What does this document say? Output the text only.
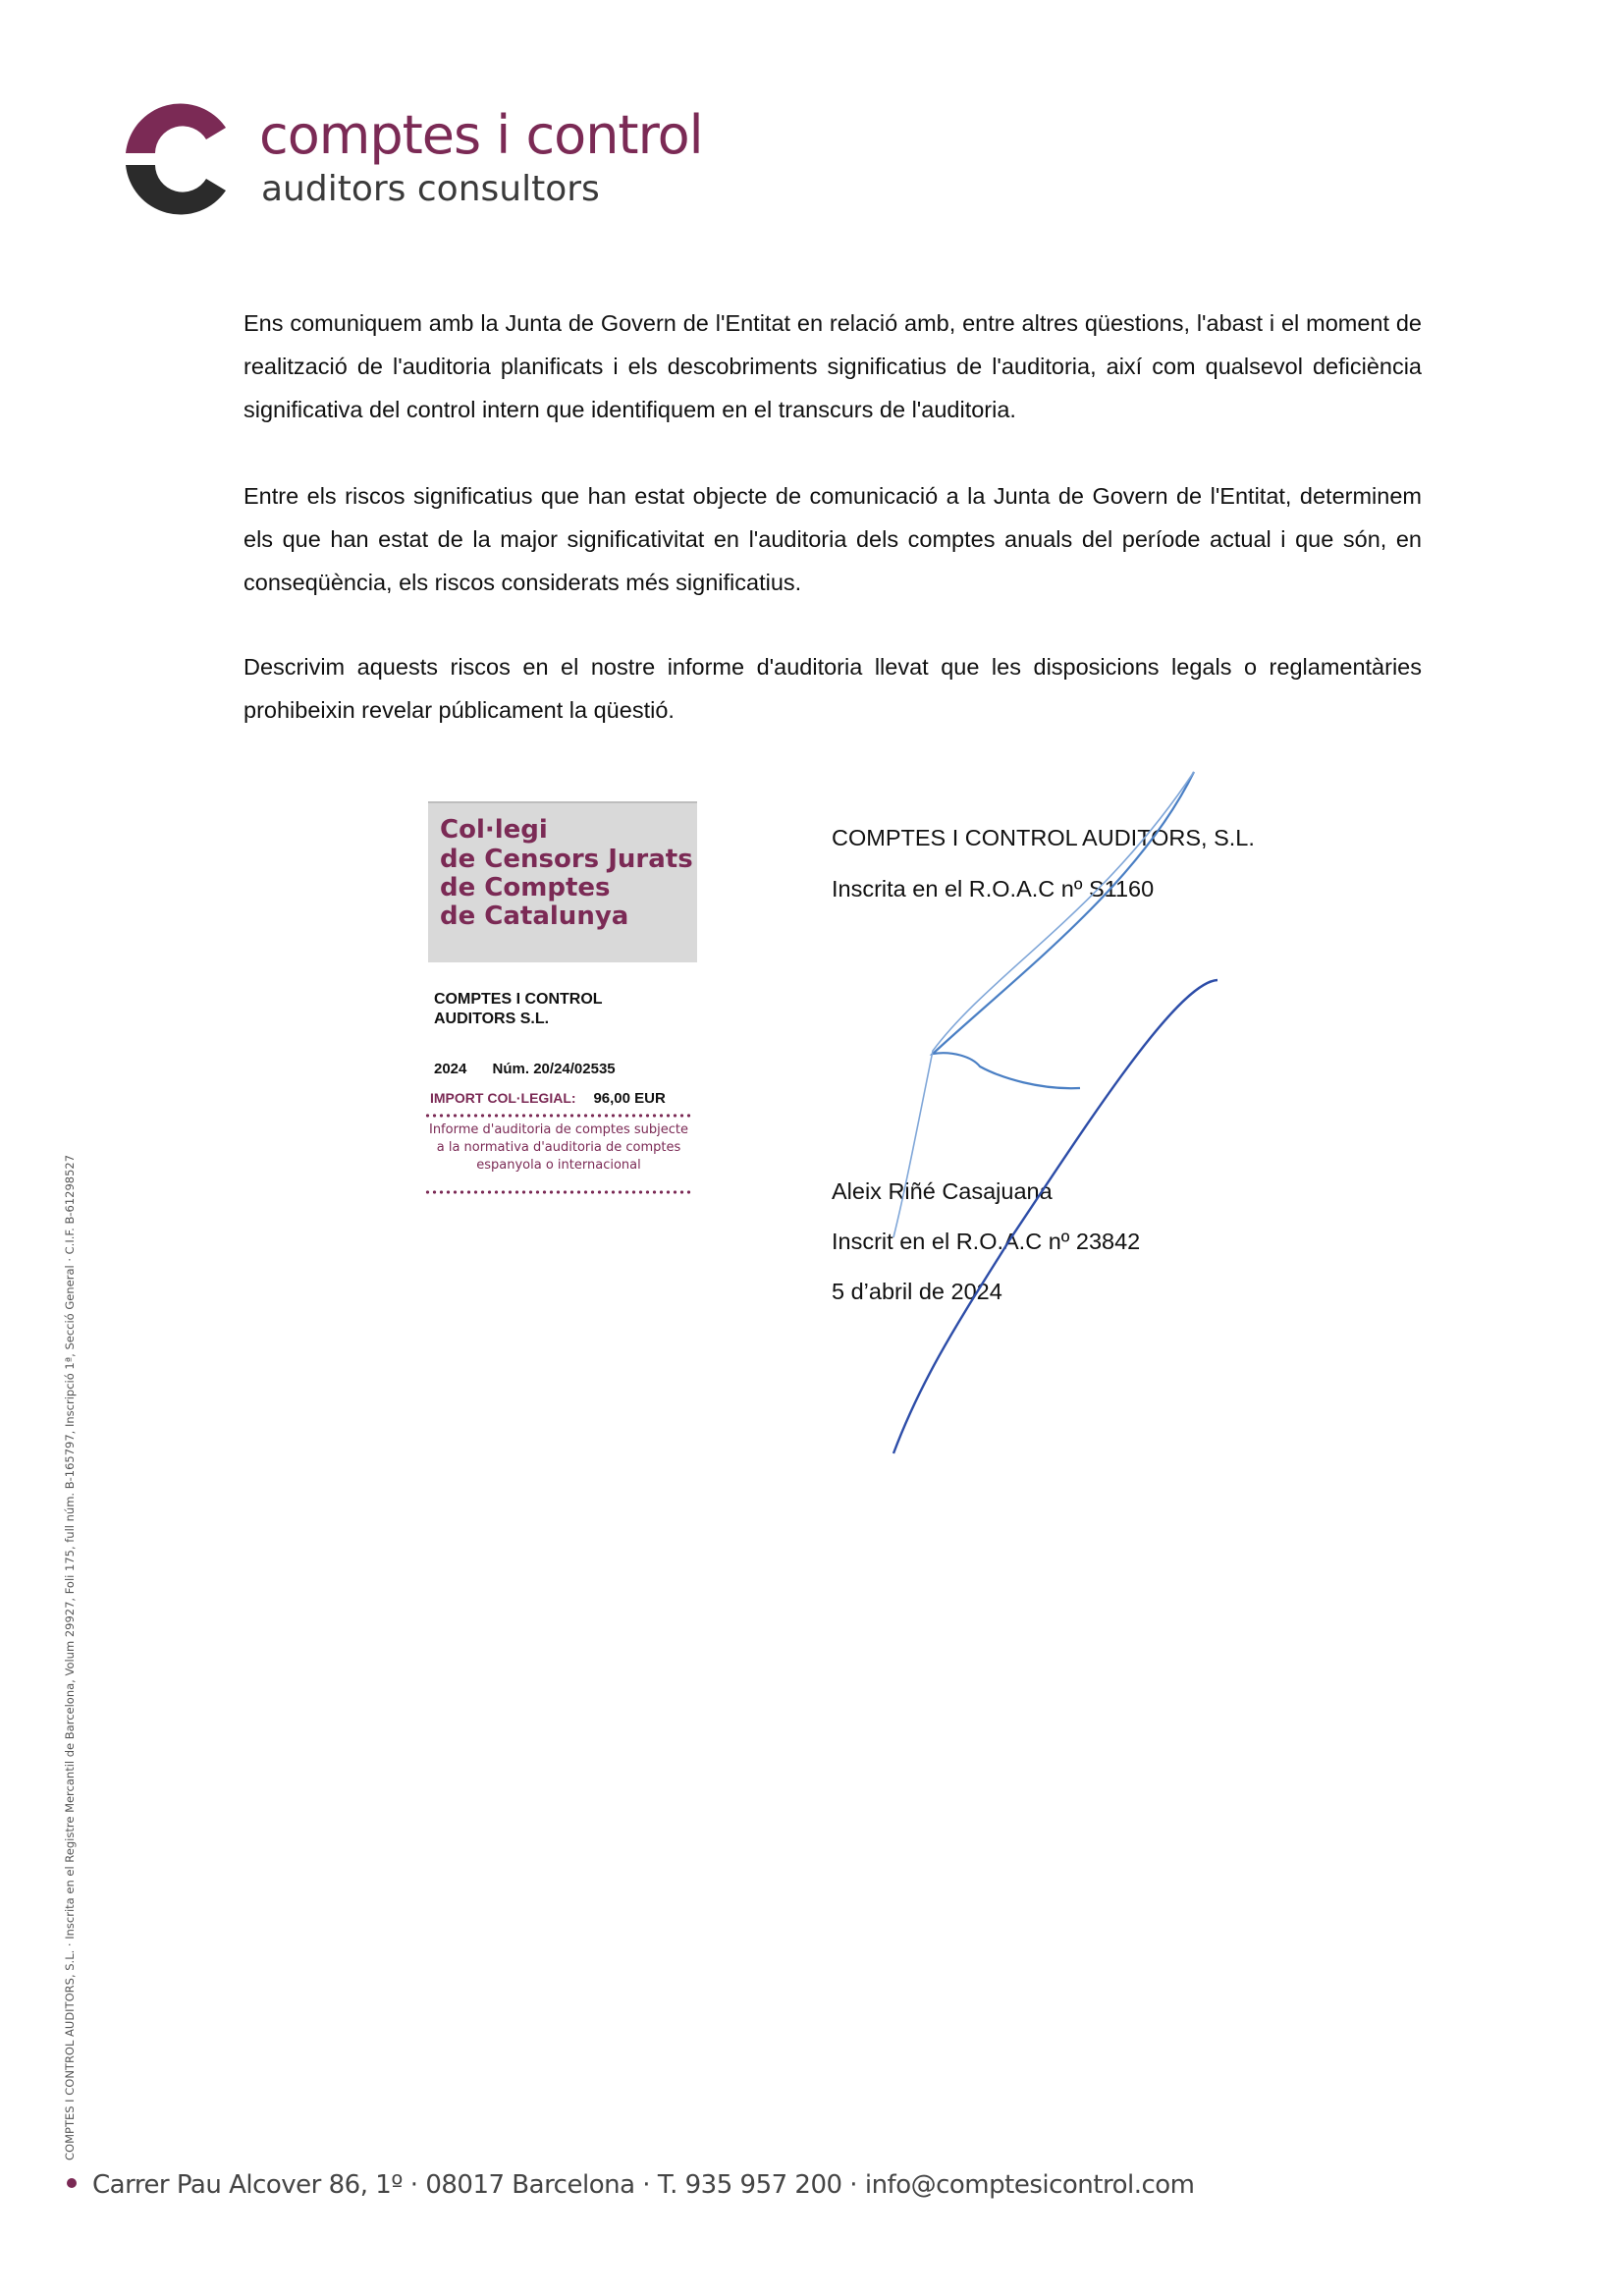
comptes i control
auditors consultors

Ens comuniquem amb la Junta de Govern de l'Entitat en relació amb, entre altres qüestions, l'abast i el moment de realització de l'auditoria planificats i els descobriments significatius de l'auditoria, així com qualsevol deficiència significativa del control intern que identifiquem en el transcurs de l'auditoria.

Entre els riscos significatius que han estat objecte de comunicació a la Junta de Govern de l'Entitat, determinem els que han estat de la major significativitat en l'auditoria dels comptes anuals del període actual i que són, en conseqüència, els riscos considerats més significatius.

Descrivim aquests riscos en el nostre informe d'auditoria llevat que les disposicions legals o reglamentàries prohibeixin revelar públicament la qüestió.

Col·legi
de Censors Jurats
de Comptes
de Catalunya
COMPTES I CONTROL
AUDITORS S.L.
2024 Núm. 20/24/02535
IMPORT COL·LEGIAL: 96,00 EUR
Informe d'auditoria de comptes subjecte
a la normativa d'auditoria de comptes
espanyola o internacional
COMPTES I CONTROL AUDITORS, S.L.
Inscrita en el R.O.A.C nº S1160
Aleix Riñé Casajuana
Inscrit en el R.O.A.C nº 23842
5 d’abril de 2024
COMPTES I CONTROL AUDITORS, S.L. · Inscrita en el Registre Mercantil de Barcelona, Volum 29927, Foli 175, full núm. B-165797, Inscripció 1ª, Secció General · C.I.F. B-61298527
Carrer Pau Alcover 86, 1º · 08017 Barcelona · T. 935 957 200 · info@comptesicontrol.com
